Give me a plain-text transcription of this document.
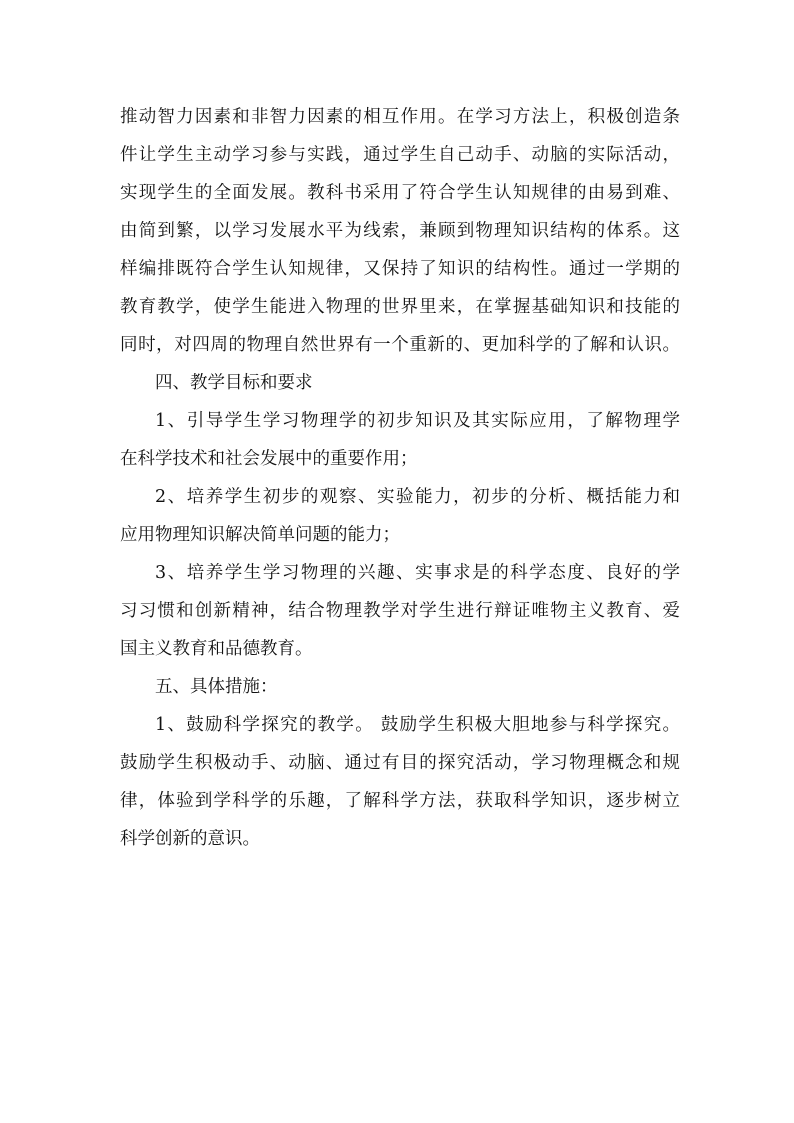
推动智力因素和非智力因素的相互作用。在学习方法上，积极创造条
件让学生主动学习参与实践，通过学生自己动手、动脑的实际活动，
实现学生的全面发展。教科书采用了符合学生认知规律的由易到难、
由简到繁，以学习发展水平为线索，兼顾到物理知识结构的体系。这
样编排既符合学生认知规律，又保持了知识的结构性。通过一学期的
教育教学，使学生能进入物理的世界里来，在掌握基础知识和技能的
同时，对四周的物理自然世界有一个重新的、更加科学的了解和认识。
四、教学目标和要求
1、引导学生学习物理学的初步知识及其实际应用，了解物理学
在科学技术和社会发展中的重要作用；
2、培养学生初步的观察、实验能力，初步的分析、概括能力和
应用物理知识解决简单问题的能力；
3、培养学生学习物理的兴趣、实事求是的科学态度、良好的学
习习惯和创新精神，结合物理教学对学生进行辩证唯物主义教育、爱
国主义教育和品德教育。
五、具体措施：
1、鼓励科学探究的教学。 鼓励学生积极大胆地参与科学探究。
鼓励学生积极动手、动脑、通过有目的探究活动，学习物理概念和规
律，体验到学科学的乐趣，了解科学方法，获取科学知识，逐步树立
科学创新的意识。
